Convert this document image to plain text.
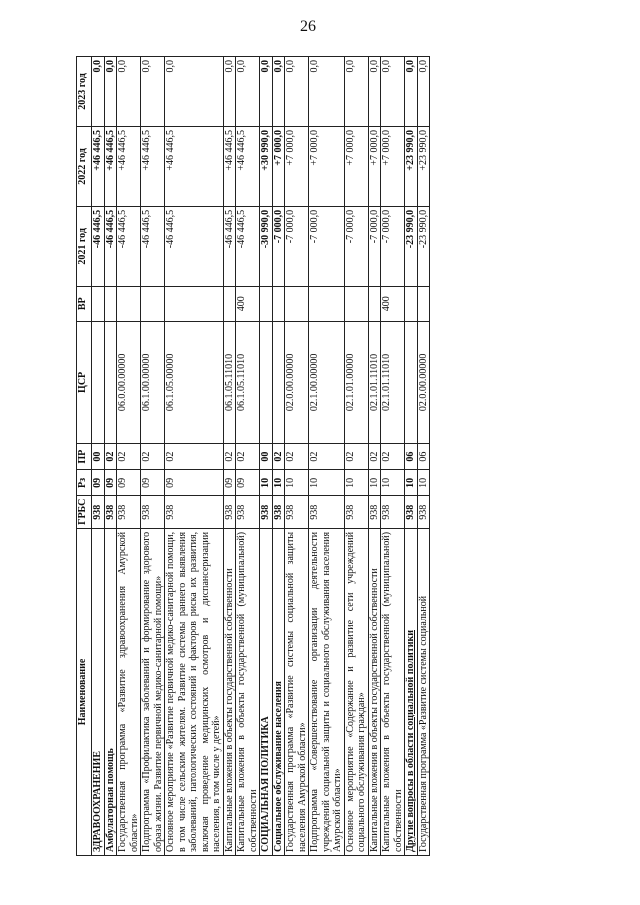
26
Наименование	ГРБС	Рз	ПР	ЦСР	ВР	2021 год	2022 год	2023 год
ЗДРАВООХРАНЕНИЕ	938	09	00			-46 446,5	+46 446,5	0,0
Амбулаторная помощь	938	09	02			-46 446,5	+46 446,5	0,0
Государственная программа «Развитие здравоохранения Амурской области»	938	09	02	06.0.00.00000		-46 446,5	+46 446,5	0,0
Подпрограмма «Профилактика заболеваний и формирование здорового образа жизни. Развитие первичной медико-санитарной помощи»	938	09	02	06.1.00.00000		-46 446,5	+46 446,5	0,0
Основное мероприятие «Развитие первичной медико-санитарной помощи, в том числе сельским жителям. Развитие системы раннего выявления заболеваний, патологических состояний и факторов риска их развития, включая проведение медицинских осмотров и диспансеризации населения, в том числе у детей»	938	09	02	06.1.05.00000		-46 446,5	+46 446,5	0,0
Капитальные вложения в объекты государственной собственности	938	09	02	06.1.05.11010		-46 446,5	+46 446,5	0,0
Капитальные вложения в объекты государственной (муниципальной) собственности	938	09	02	06.1.05.11010	400	-46 446,5	+46 446,5	0,0
СОЦИАЛЬНАЯ ПОЛИТИКА	938	10	00			-30 990,0	+30 990,0	0,0
Социальное обслуживание населения	938	10	02			-7 000,0	+7 000,0	0,0
Государственная программа «Развитие системы социальной защиты населения Амурской области»	938	10	02	02.0.00.00000		-7 000,0	+7 000,0	0,0
Подпрограмма «Совершенствование организации деятельности учреждений социальной защиты и социального обслуживания населения Амурской области»	938	10	02	02.1.00.00000		-7 000,0	+7 000,0	0,0
Основное мероприятие «Содержание и развитие сети учреждений социального обслуживания граждан»	938	10	02	02.1.01.00000		-7 000,0	+7 000,0	0,0
Капитальные вложения в объекты государственной собственности	938	10	02	02.1.01.11010		-7 000,0	+7 000,0	0,0
Капитальные вложения в объекты государственной (муниципальной) собственности	938	10	02	02.1.01.11010	400	-7 000,0	+7 000,0	0,0
Другие вопросы в области социальной политики	938	10	06			-23 990,0	+23 990,0	0,0
Государственная программа «Развитие системы социальной	938	10	06	02.0.00.00000		-23 990,0	+23 990,0	0,0
